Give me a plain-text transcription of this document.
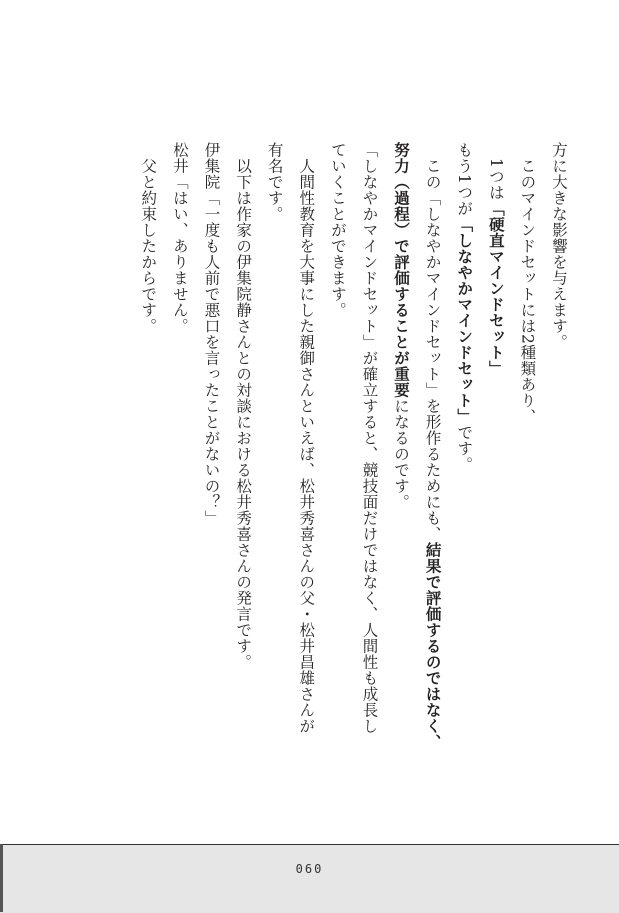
方に大きな影響を与えます。
このマインドセットには2種類あり、
1つは「硬直マインドセット」
もう1つが「しなやかマインドセット」です。
この「しなやかマインドセット」を形作るためにも、結果で評価するのではなく、
努力（過程）で評価することが重要になるのです。
「しなやかマインドセット」が確立すると、競技面だけではなく、人間性も成長し
ていくことができます。
人間性教育を大事にした親御さんといえば、松井秀喜さんの父・松井昌雄さんが
有名です。
以下は作家の伊集院静さんとの対談における松井秀喜さんの発言です。
伊集院「一度も人前で悪口を言ったことがないの？」
松井「はい、ありません。
父と約束したからです。
060
